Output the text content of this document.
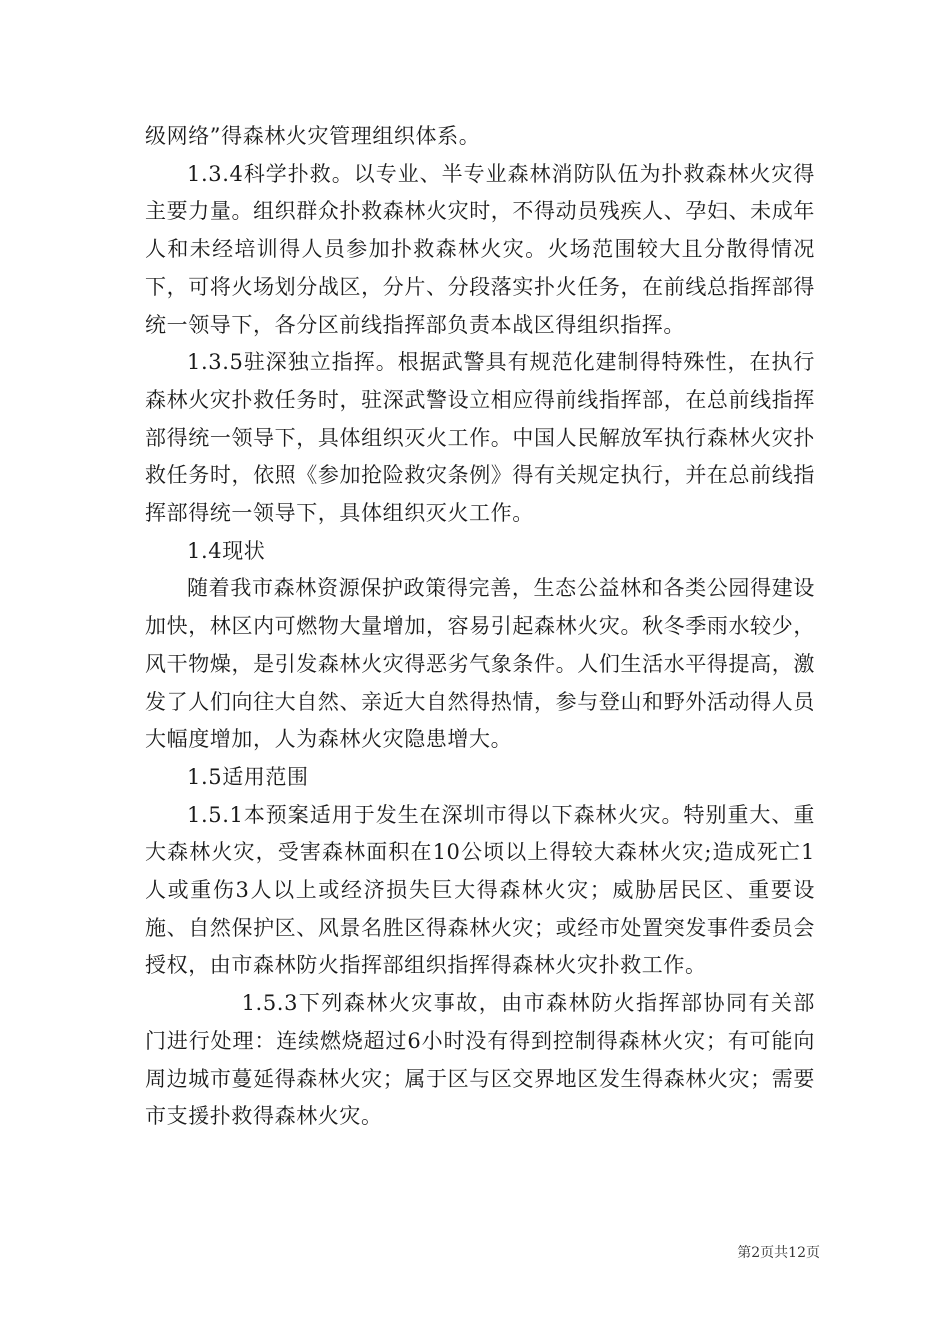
级网络”得森林火灾管理组织体系。

1.3.4科学扑救。以专业、半专业森林消防队伍为扑救森林火灾得主要力量。组织群众扑救森林火灾时，不得动员残疾人、孕妇、未成年人和未经培训得人员参加扑救森林火灾。火场范围较大且分散得情况下，可将火场划分战区，分片、分段落实扑火任务，在前线总指挥部得统一领导下，各分区前线指挥部负责本战区得组织指挥。

1.3.5驻深独立指挥。根据武警具有规范化建制得特殊性，在执行森林火灾扑救任务时，驻深武警设立相应得前线指挥部，在总前线指挥部得统一领导下，具体组织灭火工作。中国人民解放军执行森林火灾扑救任务时，依照《参加抢险救灾条例》得有关规定执行，并在总前线指挥部得统一领导下，具体组织灭火工作。

1.4现状

随着我市森林资源保护政策得完善，生态公益林和各类公园得建设加快，林区内可燃物大量增加，容易引起森林火灾。秋冬季雨水较少，风干物燥，是引发森林火灾得恶劣气象条件。人们生活水平得提高，激发了人们向往大自然、亲近大自然得热情，参与登山和野外活动得人员大幅度增加，人为森林火灾隐患增大。

1.5适用范围

1.5.1本预案适用于发生在深圳市得以下森林火灾。特别重大、重大森林火灾，受害森林面积在10公顷以上得较大森林火灾;造成死亡1人或重伤3人以上或经济损失巨大得森林火灾；威胁居民区、重要设施、自然保护区、风景名胜区得森林火灾；或经市处置突发事件委员会授权，由市森林防火指挥部组织指挥得森林火灾扑救工作。

1.5.3下列森林火灾事故，由市森林防火指挥部协同有关部门进行处理：连续燃烧超过6小时没有得到控制得森林火灾；有可能向周边城市蔓延得森林火灾；属于区与区交界地区发生得森林火灾；需要市支援扑救得森林火灾。

第2页共12页
